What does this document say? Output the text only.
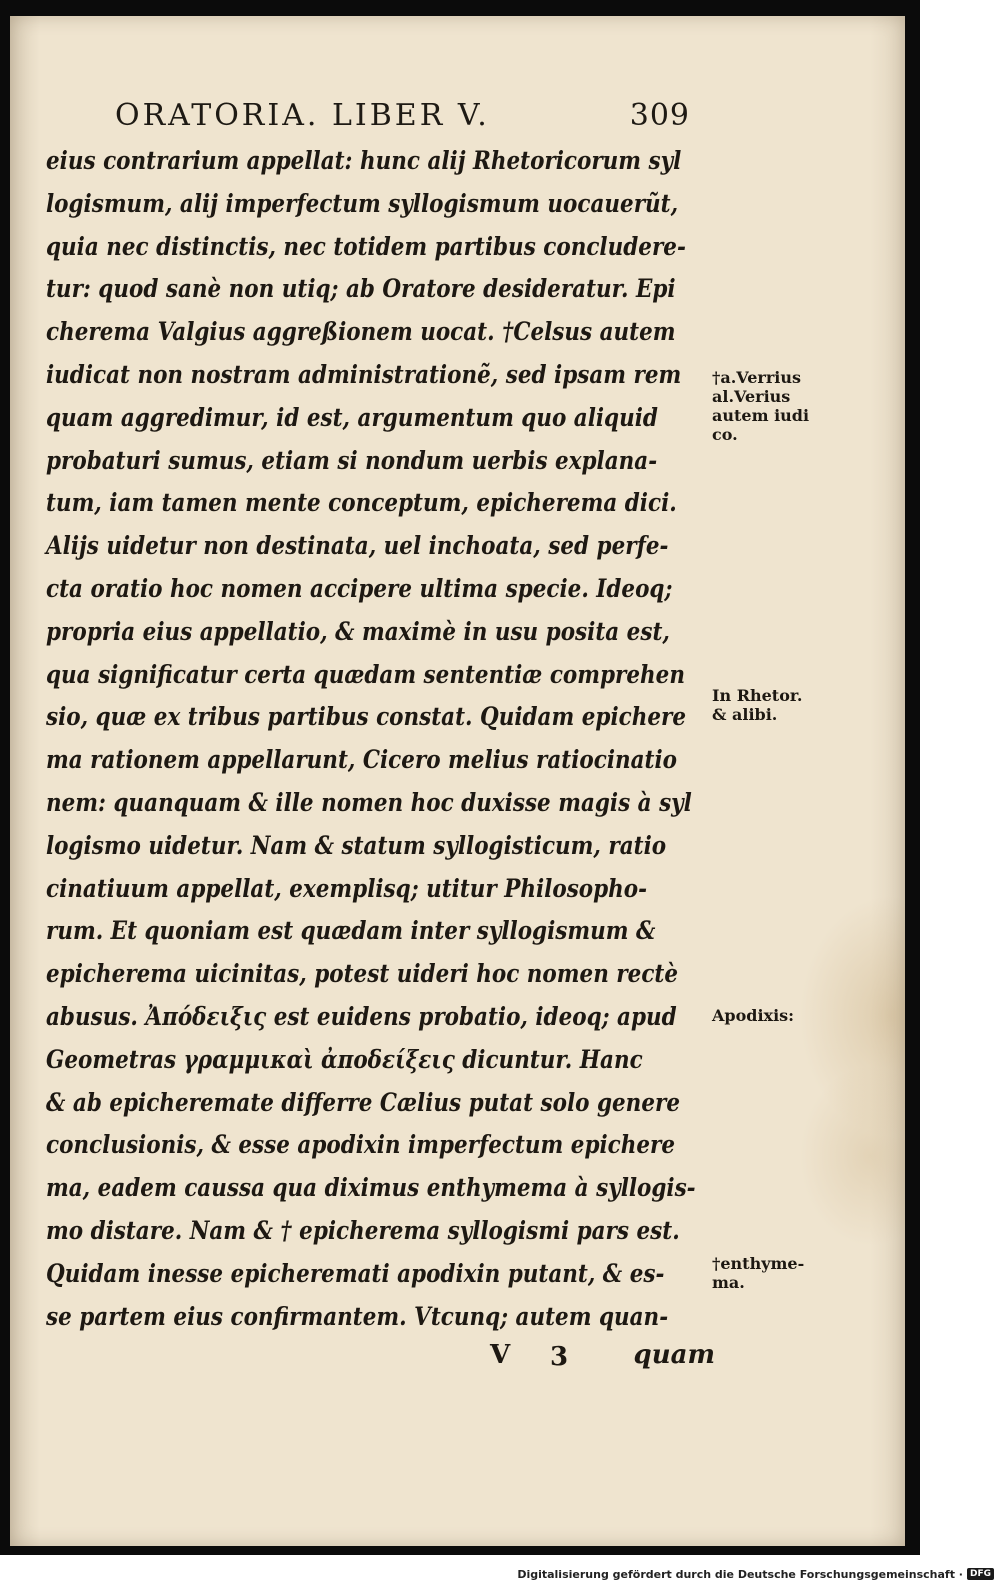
ORATORIA. LIBER V.	309
eius contrarium appellat: hunc alij Rhetoricorum syl
logismum, alij imperfectum syllogismum uocauerũt,
quia nec distinctis, nec totidem partibus concludere-
tur: quod sanè non utiq; ab Oratore desideratur. Epi
cherema Valgius aggreßionem uocat. †Celsus autem
iudicat non nostram administrationẽ, sed ipsam rem
quam aggredimur, id est, argumentum quo aliquid
probaturi sumus, etiam si nondum uerbis explana-
tum, iam tamen mente conceptum, epicherema dici.
Alijs uidetur non destinata, uel inchoata, sed perfe-
cta oratio hoc nomen accipere ultima specie. Ideoq;
propria eius appellatio, & maximè in usu posita est,
qua significatur certa quædam sententiæ comprehen
sio, quæ ex tribus partibus constat. Quidam epichere
ma rationem appellarunt, Cicero melius ratiocinatio
nem: quanquam & ille nomen hoc duxisse magis à syl
logismo uidetur. Nam & statum syllogisticum, ratio
cinatiuum appellat, exemplisq; utitur Philosopho-
rum. Et quoniam est quædam inter syllogismum &
epicherema uicinitas, potest uideri hoc nomen rectè
abusus. Ἀπόδειξις est euidens probatio, ideoq; apud
Geometras γραμμικαὶ ἀποδείξεις dicuntur. Hanc
& ab epicheremate differre Cælius putat solo genere
conclusionis, & esse apodixin imperfectum epichere
ma, eadem caussa qua diximus enthymema à syllogis-
mo distare. Nam & † epicherema syllogismi pars est.
Quidam inesse epicheremati apodixin putant, & es-
se partem eius confirmantem. Vtcunq; autem quan-
V 3	quam
†a.Verrius
al.Verius
autem iudi
co.
In Rhetor.
& alibi.
Apodixis:
†enthyme-
ma.
Digitalisierung gefördert durch die Deutsche Forschungsgemeinschaft · DFG
